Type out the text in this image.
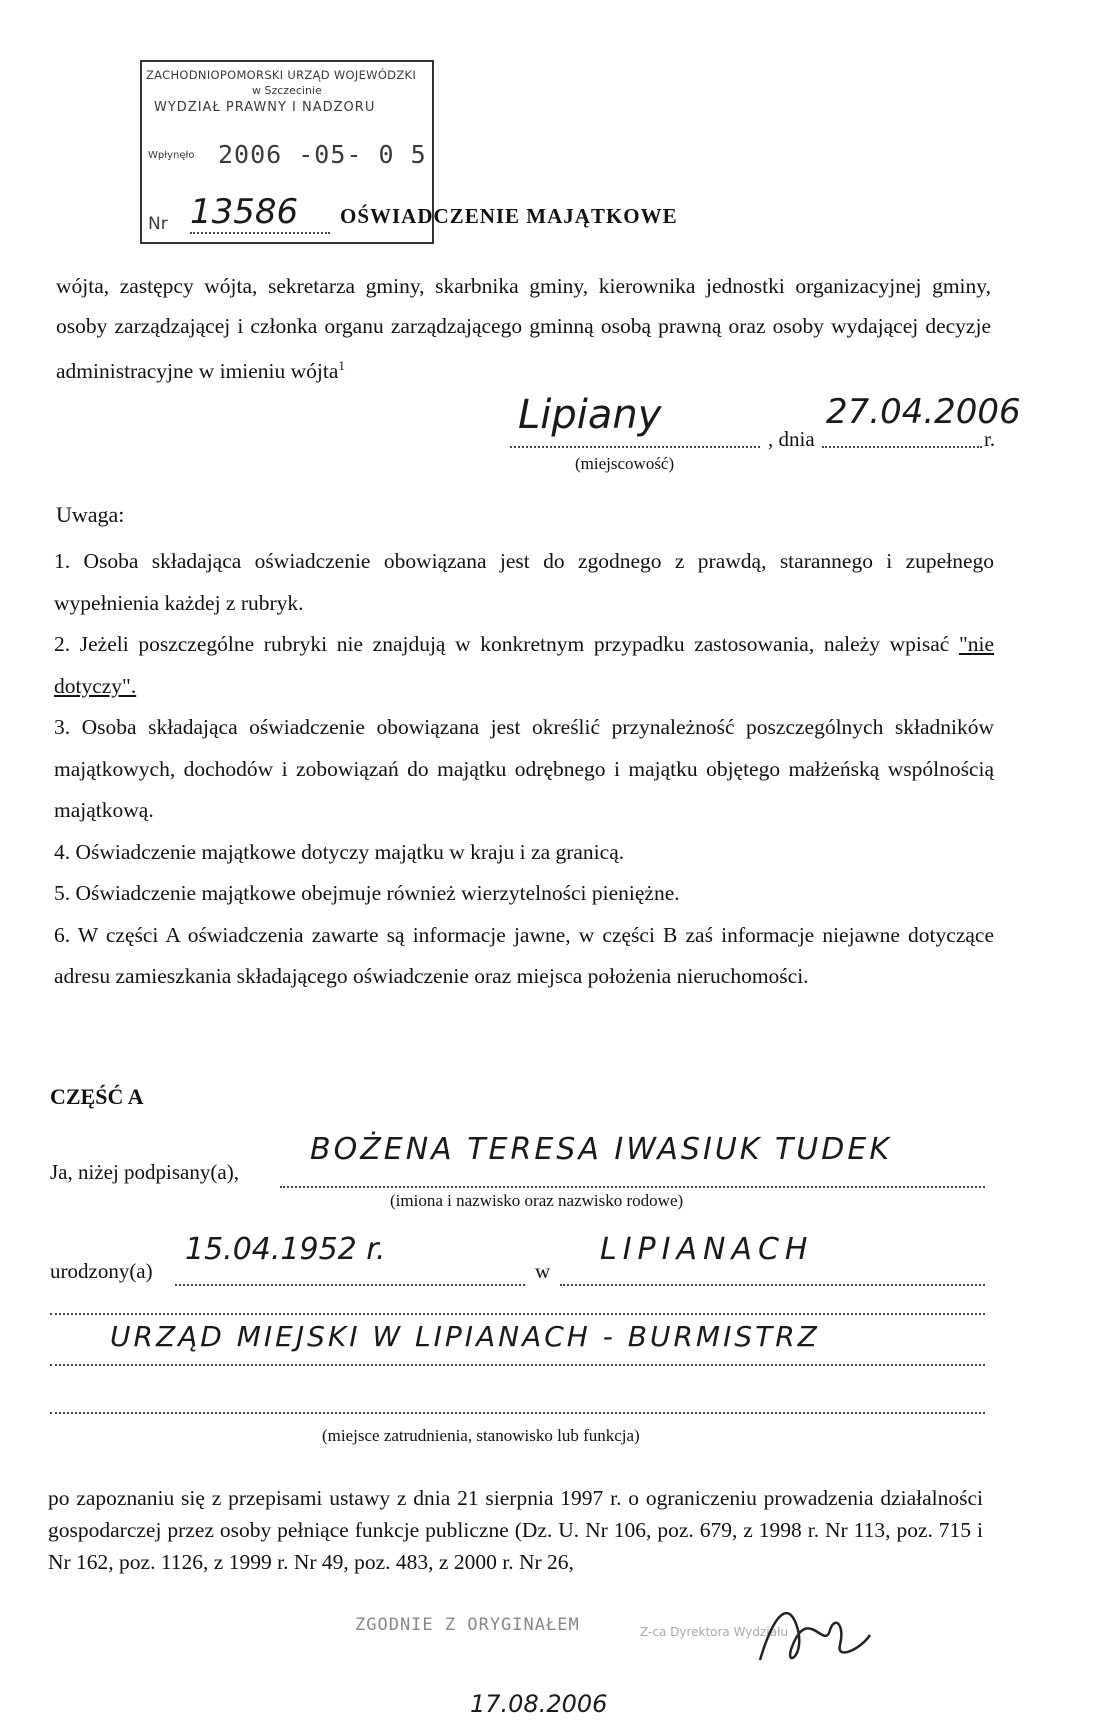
ZACHODNIOPOMORSKI URZĄD WOJEWÓDZKI
w Szczecinie
WYDZIAŁ PRAWNY I NADZORU
Wpłynęło 2006 -05- 0 5
Nr 13586	OŚWIADCZENIE MAJĄTKOWE
wójta, zastępcy wójta, sekretarza gminy, skarbnika gminy, kierownika jednostki organizacyjnej gminy, osoby zarządzającej i członka organu zarządzającego gminną osobą prawną oraz osoby wydającej decyzje administracyjne w imieniu wójta$^1$
Lipiany
(miejscowość)
, dnia
27.04.2006
r.
Uwaga:
1. Osoba składająca oświadczenie obowiązana jest do zgodnego z prawdą, starannego i zupełnego wypełnienia każdej z rubryk.
2. Jeżeli poszczególne rubryki nie znajdują w konkretnym przypadku zastosowania, należy wpisać "nie dotyczy".
3. Osoba składająca oświadczenie obowiązana jest określić przynależność poszczególnych składników majątkowych, dochodów i zobowiązań do majątku odrębnego i majątku objętego małżeńską wspólnością majątkową.
4. Oświadczenie majątkowe dotyczy majątku w kraju i za granicą.
5. Oświadczenie majątkowe obejmuje również wierzytelności pieniężne.
6. W części A oświadczenia zawarte są informacje jawne, w części B zaś informacje niejawne dotyczące adresu zamieszkania składającego oświadczenie oraz miejsca położenia nieruchomości.
CZĘŚĆ A
Ja, niżej podpisany(a),
BOŻENA TERESA IWASIUK TUDEK
(imiona i nazwisko oraz nazwisko rodowe)
urodzony(a)
15.04.1952 r.
w
LIPIANACH
URZĄD MIEJSKI W LIPIANACH - BURMISTRZ
(miejsce zatrudnienia, stanowisko lub funkcja)
po zapoznaniu się z przepisami ustawy z dnia 21 sierpnia 1997 r. o ograniczeniu prowadzenia działalności gospodarczej przez osoby pełniące funkcje publiczne (Dz. U. Nr 106, poz. 679, z 1998 r. Nr 113, poz. 715 i Nr 162, poz. 1126, z 1999 r. Nr 49, poz. 483, z 2000 r. Nr 26,
ZGODNIE Z ORYGINAŁEM	Z-ca Dyrektora Wydziału
17.08.2006
